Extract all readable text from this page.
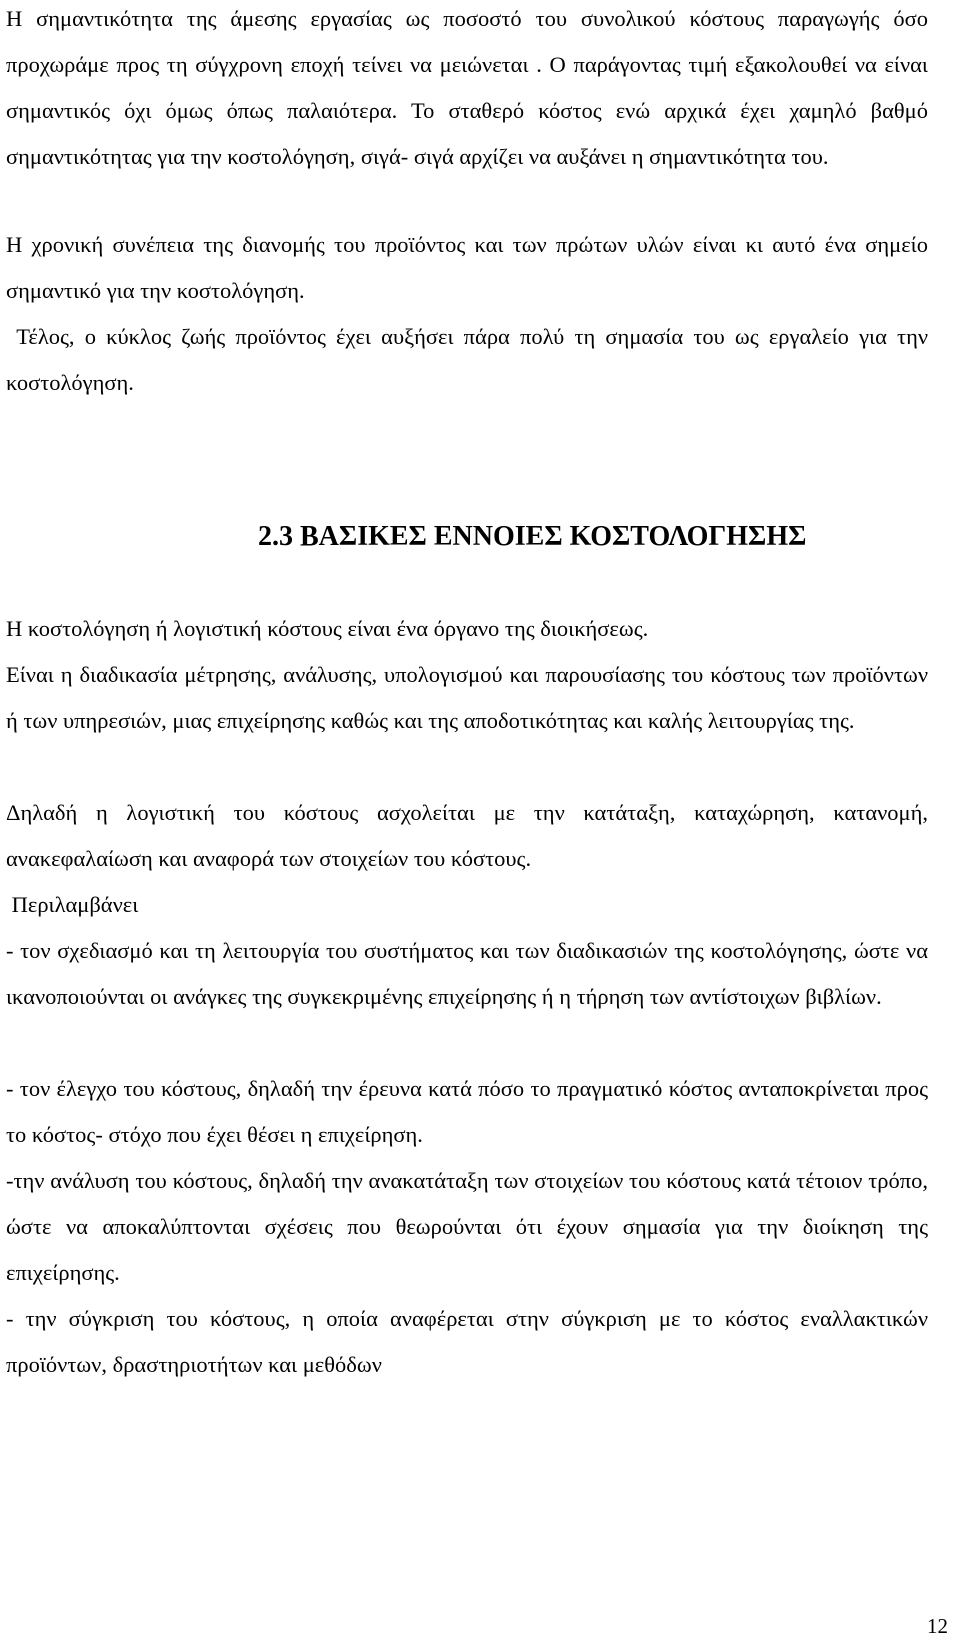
Η σημαντικότητα της άμεσης εργασίας ως ποσοστό του συνολικού κόστους παραγωγής όσο προχωράμε προς τη σύγχρονη εποχή τείνει να μειώνεται . Ο παράγοντας τιμή εξακολουθεί να είναι σημαντικός όχι όμως όπως παλαιότερα. Το σταθερό κόστος ενώ αρχικά έχει χαμηλό βαθμό σημαντικότητας για την κοστολόγηση, σιγά- σιγά αρχίζει να αυξάνει η σημαντικότητα του.

Η χρονική συνέπεια της διανομής του προϊόντος και των πρώτων υλών είναι κι αυτό ένα σημείο σημαντικό για την κοστολόγηση.

Τέλος, ο κύκλος ζωής προϊόντος έχει αυξήσει πάρα πολύ τη σημασία του ως εργαλείο για την κοστολόγηση.

2.3 ΒΑΣΙΚΕΣ ΕΝΝΟΙΕΣ ΚΟΣΤΟΛΟΓΗΣΗΣ

Η κοστολόγηση ή λογιστική κόστους είναι ένα όργανο της διοικήσεως.

Είναι η διαδικασία μέτρησης, ανάλυσης, υπολογισμού και παρουσίασης του κόστους των προϊόντων ή των υπηρεσιών, μιας επιχείρησης καθώς και της αποδοτικότητας και καλής λειτουργίας της.

Δηλαδή η λογιστική του κόστους ασχολείται με την κατάταξη, καταχώρηση, κατανομή, ανακεφαλαίωση και αναφορά των στοιχείων του κόστους.

Περιλαμβάνει

- τον σχεδιασμό και τη λειτουργία του συστήματος και των διαδικασιών της κοστολόγησης, ώστε να ικανοποιούνται οι ανάγκες της συγκεκριμένης επιχείρησης ή η τήρηση των αντίστοιχων βιβλίων.

- τον έλεγχο του κόστους, δηλαδή την έρευνα κατά πόσο το πραγματικό κόστος ανταποκρίνεται προς το κόστος- στόχο που έχει θέσει η επιχείρηση.

-την ανάλυση του κόστους, δηλαδή την ανακατάταξη των στοιχείων του κόστους κατά τέτοιον τρόπο, ώστε να αποκαλύπτονται σχέσεις που θεωρούνται ότι έχουν σημασία για την διοίκηση της επιχείρησης.

- την σύγκριση του κόστους, η οποία αναφέρεται στην σύγκριση με το κόστος εναλλακτικών προϊόντων, δραστηριοτήτων και μεθόδων

12
